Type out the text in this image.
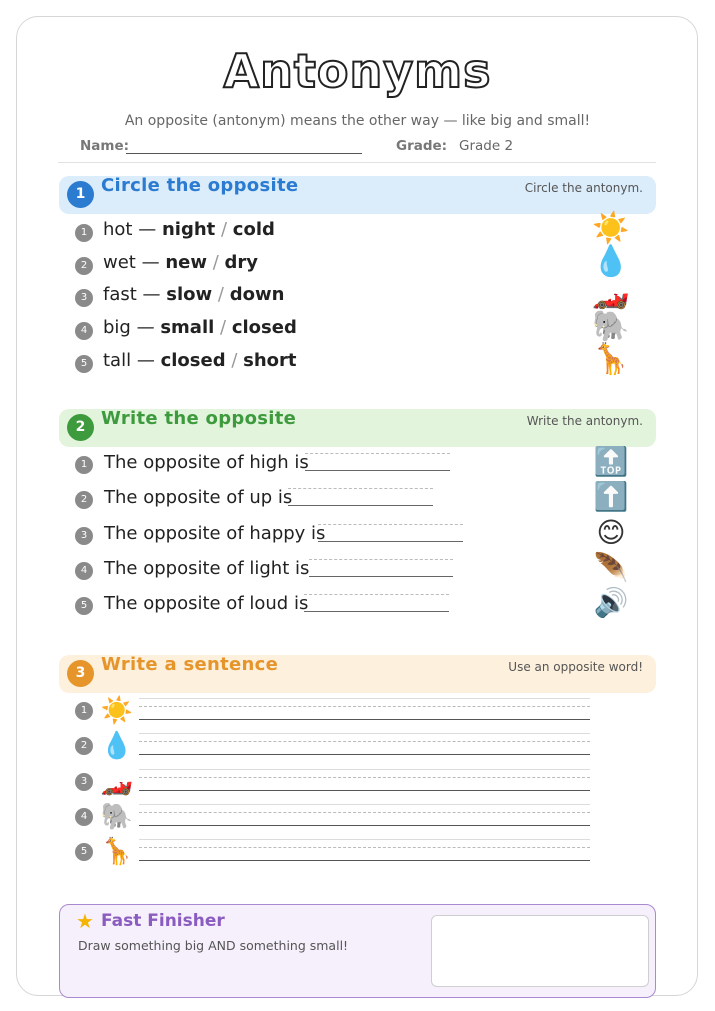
Antonyms
An opposite (antonym) means the other way — like big and small!
Name:	Grade: Grade 2
1 Circle the opposite	Circle the antonym.
2 Write the opposite	Write the antonym.
3 Write a sentence	Use an opposite word!
★ Fast Finisher
Draw something big AND something small!
1 hot — night / cold	☀️
2 wet — new / dry	💧
3 fast — slow / down	🏎️
4 big — small / closed	🐘
5 tall — closed / short	🦒
1 The opposite of high is	🔝
2 The opposite of up is	⬆️
3 The opposite of happy is	😊
4 The opposite of light is	🪶
5 The opposite of loud is	🔊
1 ☀️
2 💧
3 🏎️
4 🐘
5 🦒
